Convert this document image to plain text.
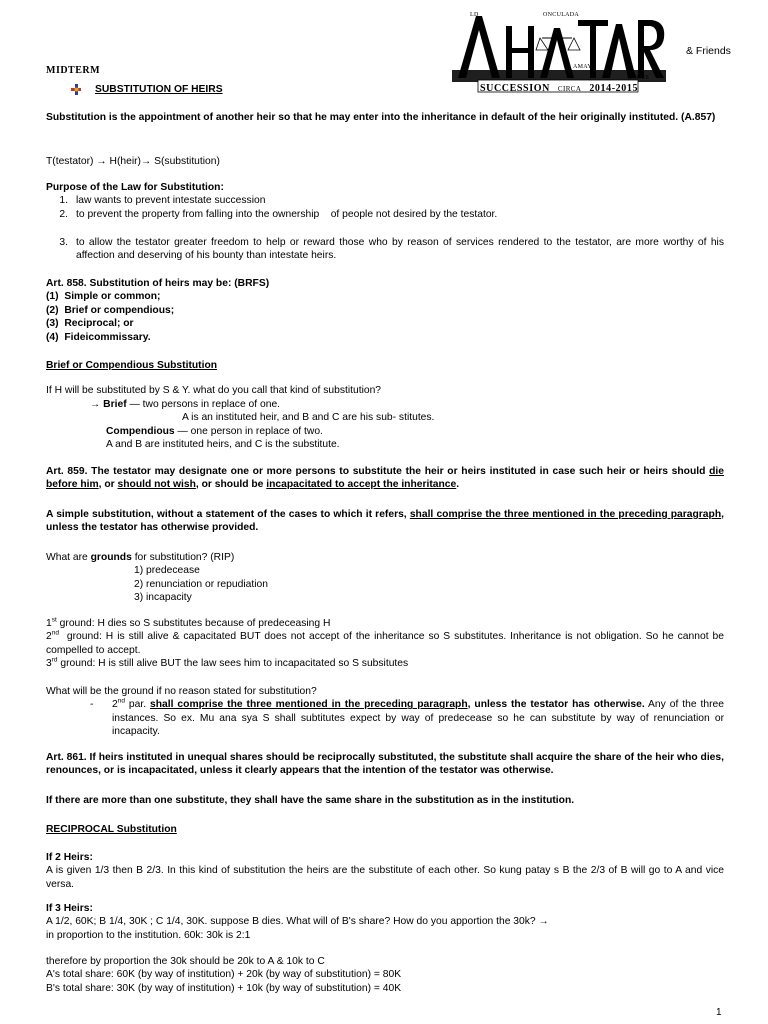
MIDTERM
LD	ONCULADA
AMAYO
RODES
SUCCESSION CIRCA 2014-2015
& Friends
SUBSTITUTION OF HEIRS
Substitution is the appointment of another heir so that he may enter into the inheritance in default of the heir originally instituted. (A.857)
T(testator) → H(heir)→ S(substitution)
Purpose of the Law for Substitution:
1. law wants to prevent intestate succession
2. to prevent the property from falling into the ownership    of people not desired by the testator.
3. to allow the testator greater freedom to help or reward those who by reason of services rendered to the testator, are more worthy of his affection and deserving of his bounty than intestate heirs.
Art. 858. Substitution of heirs may be: (BRFS)
(1) Simple or common;
(2) Brief or compendious;
(3) Reciprocal; or
(4) Fideicommissary.
Brief or Compendious Substitution
If H will be substituted by S & Y. what do you call that kind of substitution?
→ Brief — two persons in replace of one.
A is an instituted heir, and B and C are his sub- stitutes.
Compendious — one person in replace of two.
A and B are instituted heirs, and C is the substitute.
Art. 859. The testator may designate one or more persons to substitute the heir or heirs instituted in case such heir or heirs should die before him, or should not wish, or should be incapacitated to accept the inheritance.
A simple substitution, without a statement of the cases to which it refers, shall comprise the three mentioned in the preceding paragraph, unless the testator has otherwise provided.
What are grounds for substitution? (RIP)
1) predecease
2) renunciation or repudiation
3) incapacity
1st ground: H dies so S substitutes because of predeceasing H
2nd  ground: H is still alive & capacitated BUT does not accept of the inheritance so S substitutes. Inheritance is not obligation. So he cannot be compelled to accept.
3rd ground: H is still alive BUT the law sees him to incapacitated so S subsitutes
What will be the ground if no reason stated for substitution?
-	2nd par. shall comprise the three mentioned in the preceding paragraph, unless the testator has otherwise. Any of the three instances. So ex. Mu ana sya S shall subtitutes expect by way of predecease so he can substitute by way of renunciation or incapacity.
Art. 861. If heirs instituted in unequal shares should be reciprocally substituted, the substitute shall acquire the share of the heir who dies, renounces, or is incapacitated, unless it clearly appears that the intention of the testator was otherwise.
If there are more than one substitute, they shall have the same share in the substitution as in the institution.
RECIPROCAL Substitution
If 2 Heirs:
A is given 1/3 then B 2/3. In this kind of substitution the heirs are the substitute of each other. So kung patay s B the 2/3 of B will go to A and vice versa.
If 3 Heirs:
A 1/2, 60K; B 1/4, 30K ; C 1/4, 30K. suppose B dies. What will of B's share? How do you apportion the 30k? →
in proportion to the institution. 60k: 30k is 2:1
therefore by proportion the 30k should be 20k to A & 10k to C
A's total share: 60K (by way of institution) + 20k (by way of substitution) = 80K
B's total share: 30K (by way of institution) + 10k (by way of substitution) = 40K
1
